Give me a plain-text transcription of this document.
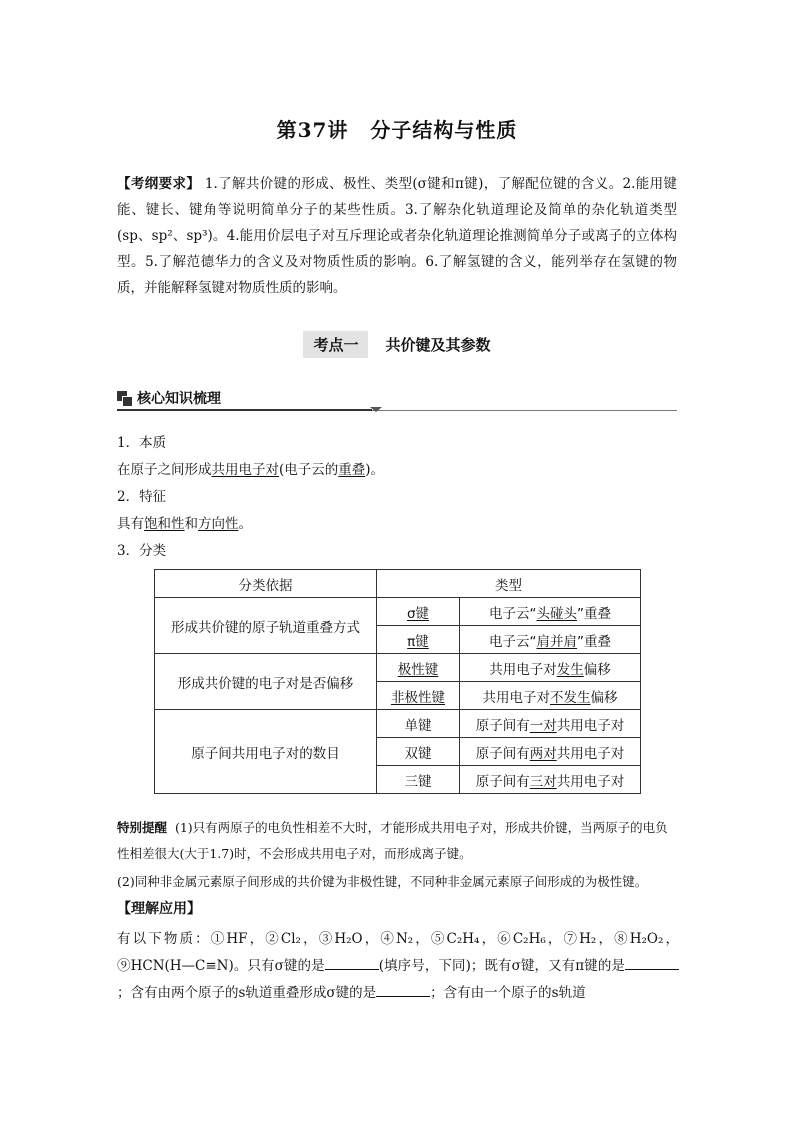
第37讲 分子结构与性质
【考纲要求】 1.了解共价键的形成、极性、类型(σ键和π键)，了解配位键的含义。2.能用键能、键长、键角等说明简单分子的某些性质。3.了解杂化轨道理论及简单的杂化轨道类型(sp、sp²、sp³)。4.能用价层电子对互斥理论或者杂化轨道理论推测简单分子或离子的立体构型。5.了解范德华力的含义及对物质性质的影响。6.了解氢键的含义，能列举存在氢键的物质，并能解释氢键对物质性质的影响。
考点一 共价键及其参数
核心知识梳理
1．本质
在原子之间形成共用电子对(电子云的重叠)。
2．特征
具有饱和性和方向性。
3．分类
分类依据	类型	
形成共价键的原子轨道重叠方式	σ键	电子云“头碰头”重叠
	π键	电子云“肩并肩”重叠
形成共价键的电子对是否偏移	极性键	共用电子对发生偏移
	非极性键	共用电子对不发生偏移
原子间共用电子对的数目	单键	原子间有一对共用电子对
	双键	原子间有两对共用电子对
	三键	原子间有三对共用电子对
特别提醒 (1)只有两原子的电负性相差不大时，才能形成共用电子对，形成共价键，当两原子的电负性相差很大(大于1.7)时，不会形成共用电子对，而形成离子键。
(2)同种非金属元素原子间形成的共价键为非极性键，不同种非金属元素原子间形成的为极性键。
【理解应用】
有以下物质：①HF，②Cl₂，③H₂O，④N₂，⑤C₂H₄，⑥C₂H₆，⑦H₂，⑧H₂O₂，⑨HCN(H—C≡N)。只有σ键的是	(填序号，下同)；既有σ键，又有π键的是；含有由两个原子的s轨道重叠形成σ键的是	；含有由一个原子的s轨道
